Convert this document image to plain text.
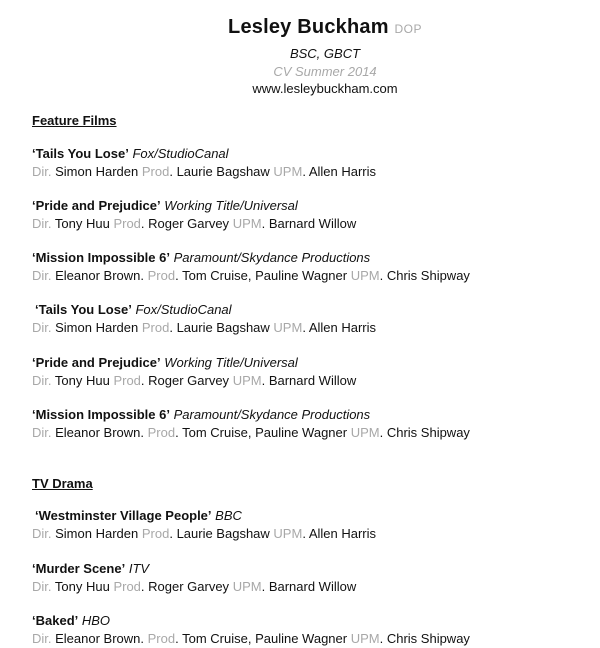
Lesley Buckham DOP
BSC, GBCT
CV Summer 2014
www.lesleybuckham.com
Feature Films
‘Tails You Lose’ Fox/StudioCanal
Dir. Simon Harden Prod. Laurie Bagshaw UPM. Allen Harris
‘Pride and Prejudice’ Working Title/Universal
Dir. Tony Huu Prod. Roger Garvey UPM. Barnard Willow
‘Mission Impossible 6’ Paramount/Skydance Productions
Dir. Eleanor Brown. Prod. Tom Cruise, Pauline Wagner UPM. Chris Shipway
‘Tails You Lose’ Fox/StudioCanal
Dir. Simon Harden Prod. Laurie Bagshaw UPM. Allen Harris
‘Pride and Prejudice’ Working Title/Universal
Dir. Tony Huu Prod. Roger Garvey UPM. Barnard Willow
‘Mission Impossible 6’ Paramount/Skydance Productions
Dir. Eleanor Brown. Prod. Tom Cruise, Pauline Wagner UPM. Chris Shipway
TV Drama
‘Westminster Village People’ BBC
Dir. Simon Harden Prod. Laurie Bagshaw UPM. Allen Harris
‘Murder Scene’ ITV
Dir. Tony Huu Prod. Roger Garvey UPM. Barnard Willow
‘Baked’ HBO
Dir. Eleanor Brown. Prod. Tom Cruise, Pauline Wagner UPM. Chris Shipway
